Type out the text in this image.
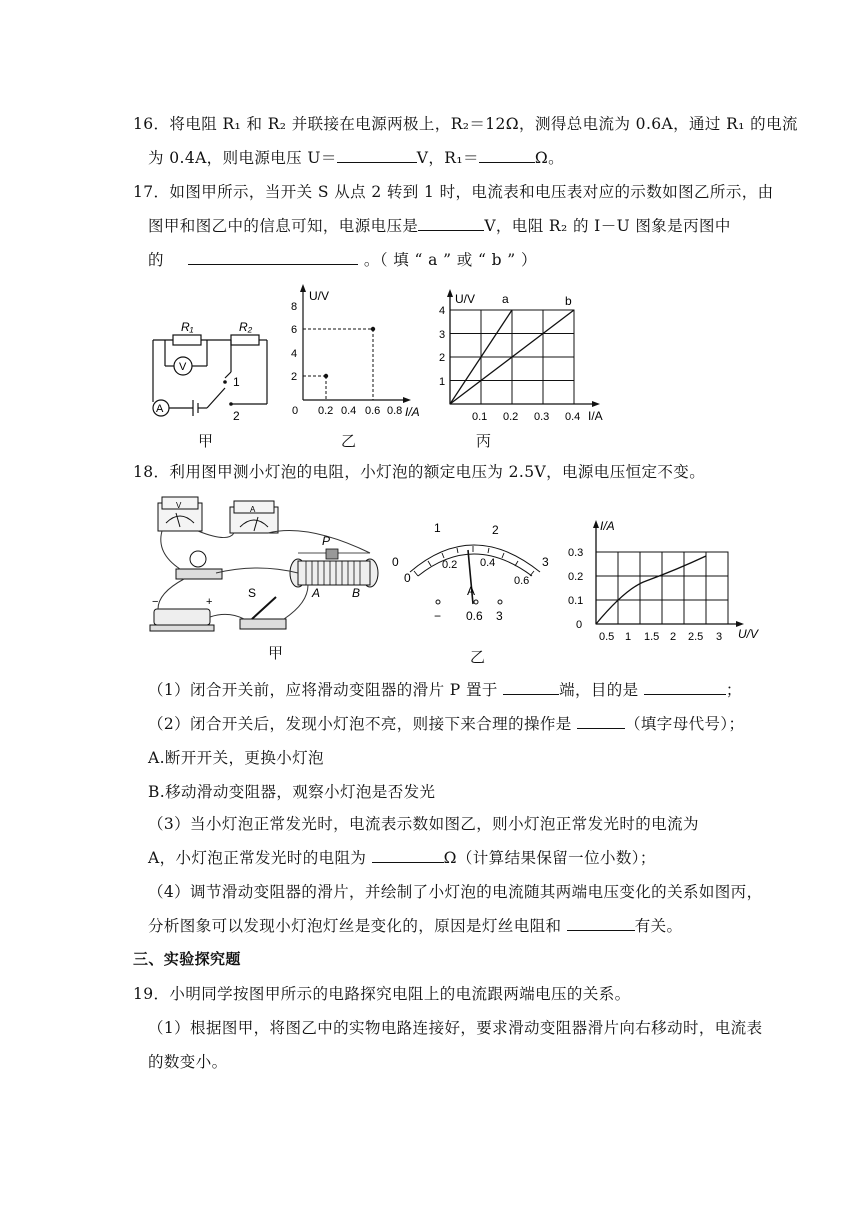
16．将电阻 R₁ 和 R₂ 并联接在电源两极上，R₂＝12Ω，测得总电流为 0.6A，通过 R₁ 的电流
为 0.4A，则电源电压 U＝	V，R₁＝	Ω。
17．如图甲所示，当开关 S 从点 2 转到 1 时，电流表和电压表对应的示数如图乙所示，由
图甲和图乙中的信息可知，电源电压是	V，电阻 R₂ 的 I－U 图象是丙图中
的	。（ 填 “ a ” 或 “ b ” ）
R₁	R₂
V
A
1
2
甲
U/V
I/A
8
6
4
2
0 0.2 0.4 0.6 0.8
乙
U/V
I/A
a	b
4
3
2
1
0.1 0.2 0.3 0.4
丙
18．利用图甲测小灯泡的电阻，小灯泡的额定电压为 2.5V，电源电压恒定不变。
V	A
−	+
S
P
A	B
甲
1	2
3
0
0
0.2 0.4
0.6
A
− 0.6 3
乙
I/A
U/V
0.3
0.2
0.1
0
0.5 1 1.5 2 2.5 3
（1）闭合开关前，应将滑动变阻器的滑片 P 置于	端，目的是	；
（2）闭合开关后，发现小灯泡不亮，则接下来合理的操作是	（填字母代号）；
A.断开开关，更换小灯泡
B.移动滑动变阻器，观察小灯泡是否发光
（3）当小灯泡正常发光时，电流表示数如图乙，则小灯泡正常发光时的电流为
A，小灯泡正常发光时的电阻为	Ω（计算结果保留一位小数）；
（4）调节滑动变阻器的滑片，并绘制了小灯泡的电流随其两端电压变化的关系如图丙，
分析图象可以发现小灯泡灯丝是变化的，原因是灯丝电阻和	有关。
三、实验探究题
19．小明同学按图甲所示的电路探究电阻上的电流跟两端电压的关系。
（1）根据图甲，将图乙中的实物电路连接好，要求滑动变阻器滑片向右移动时，电流表
的数变小。
